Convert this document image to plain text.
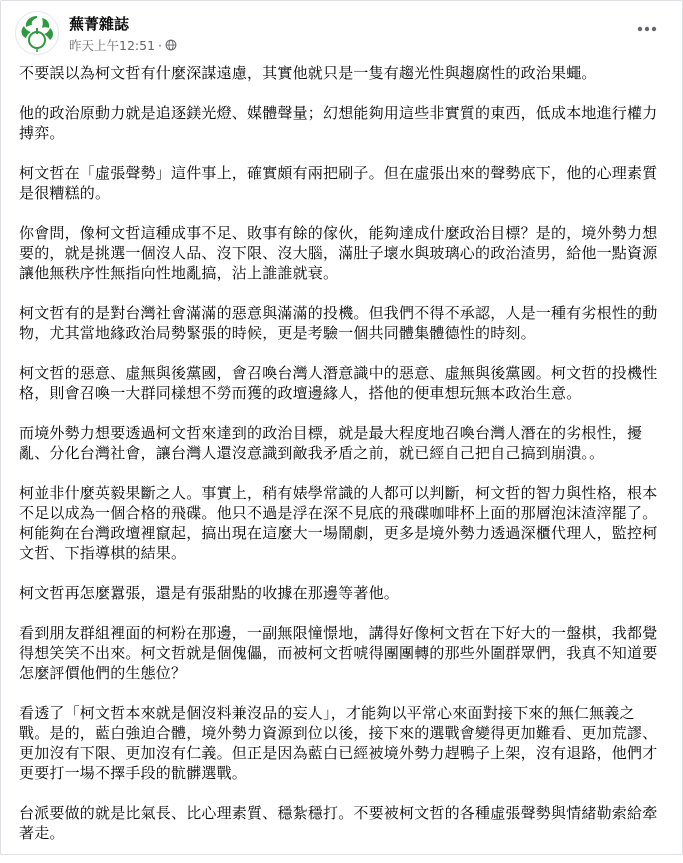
蕪菁雜誌
昨天上午12:51 ·

不要誤以為柯文哲有什麼深謀遠慮，其實他就只是一隻有趨光性與趨腐性的政治果蠅。

他的政治原動力就是追逐鎂光燈、媒體聲量；幻想能夠用這些非實質的東西，低成本地進行權力搏弈。

柯文哲在「虛張聲勢」這件事上，確實頗有兩把刷子。但在虛張出來的聲勢底下，他的心理素質是很糟糕的。

你會問，像柯文哲這種成事不足、敗事有餘的傢伙，能夠達成什麼政治目標？是的，境外勢力想要的，就是挑選一個沒人品、沒下限、沒大腦，滿肚子壞水與玻璃心的政治渣男，給他一點資源讓他無秩序性無指向性地亂搞，沾上誰誰就衰。

柯文哲有的是對台灣社會滿滿的惡意與滿滿的投機。但我們不得不承認，人是一種有劣根性的動物，尤其當地緣政治局勢緊張的時候，更是考驗一個共同體集體德性的時刻。

柯文哲的惡意、虛無與後黨國，會召喚台灣人潛意識中的惡意、虛無與後黨國。柯文哲的投機性格，則會召喚一大群同樣想不勞而獲的政壇邊緣人，搭他的便車想玩無本政治生意。

而境外勢力想要透過柯文哲來達到的政治目標，就是最大程度地召喚台灣人潛在的劣根性，擾亂、分化台灣社會，讓台灣人還沒意識到敵我矛盾之前，就已經自己把自己搞到崩潰。。

柯並非什麼英毅果斷之人。事實上，稍有婊學常識的人都可以判斷，柯文哲的智力與性格，根本不足以成為一個合格的飛碟。他只不過是浮在深不見底的飛碟咖啡杯上面的那層泡沫渣滓罷了。柯能夠在台灣政壇裡竄起，搞出現在這麼大一場鬧劇，更多是境外勢力透過深櫃代理人，監控柯文哲、下指導棋的結果。

柯文哲再怎麼囂張，還是有張甜點的收據在那邊等著他。

看到朋友群組裡面的柯粉在那邊，一副無限憧憬地，講得好像柯文哲在下好大的一盤棋，我都覺得想笑笑不出來。柯文哲就是個傀儡，而被柯文哲唬得團團轉的那些外圍群眾們，我真不知道要怎麼評價他們的生態位？

看透了「柯文哲本來就是個沒料兼沒品的妄人」，才能夠以平常心來面對接下來的無仁無義之戰。是的，藍白強迫合體，境外勢力資源到位以後，接下來的選戰會變得更加難看、更加荒謬、更加沒有下限、更加沒有仁義。但正是因為藍白已經被境外勢力趕鴨子上架，沒有退路，他們才更要打一場不擇手段的骯髒選戰。

台派要做的就是比氣長、比心理素質、穩紮穩打。不要被柯文哲的各種虛張聲勢與情緒勒索給牽著走。
